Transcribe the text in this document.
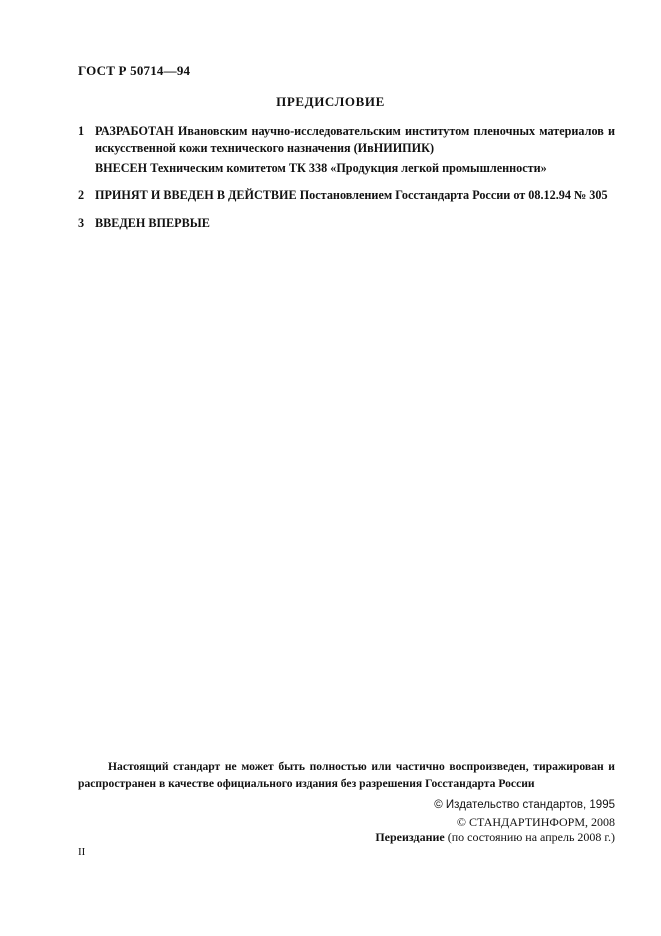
ГОСТ Р 50714—94
ПРЕДИСЛОВИЕ
1 РАЗРАБОТАН Ивановским научно-исследовательским институтом пленочных материалов и искусственной кожи технического назначения (ИвНИИПИК)
ВНЕСЕН Техническим комитетом ТК 338 «Продукция легкой промышленности»
2 ПРИНЯТ И ВВЕДЕН В ДЕЙСТВИЕ Постановлением Госстандарта России от 08.12.94 № 305
3 ВВЕДЕН ВПЕРВЫЕ
Настоящий стандарт не может быть полностью или частично воспроизведен, тиражирован и распространен в качестве официального издания без разрешения Госстандарта России
© Издательство стандартов, 1995
© СТАНДАРТИНФОРМ, 2008
Переиздание (по состоянию на апрель 2008 г.)
II
